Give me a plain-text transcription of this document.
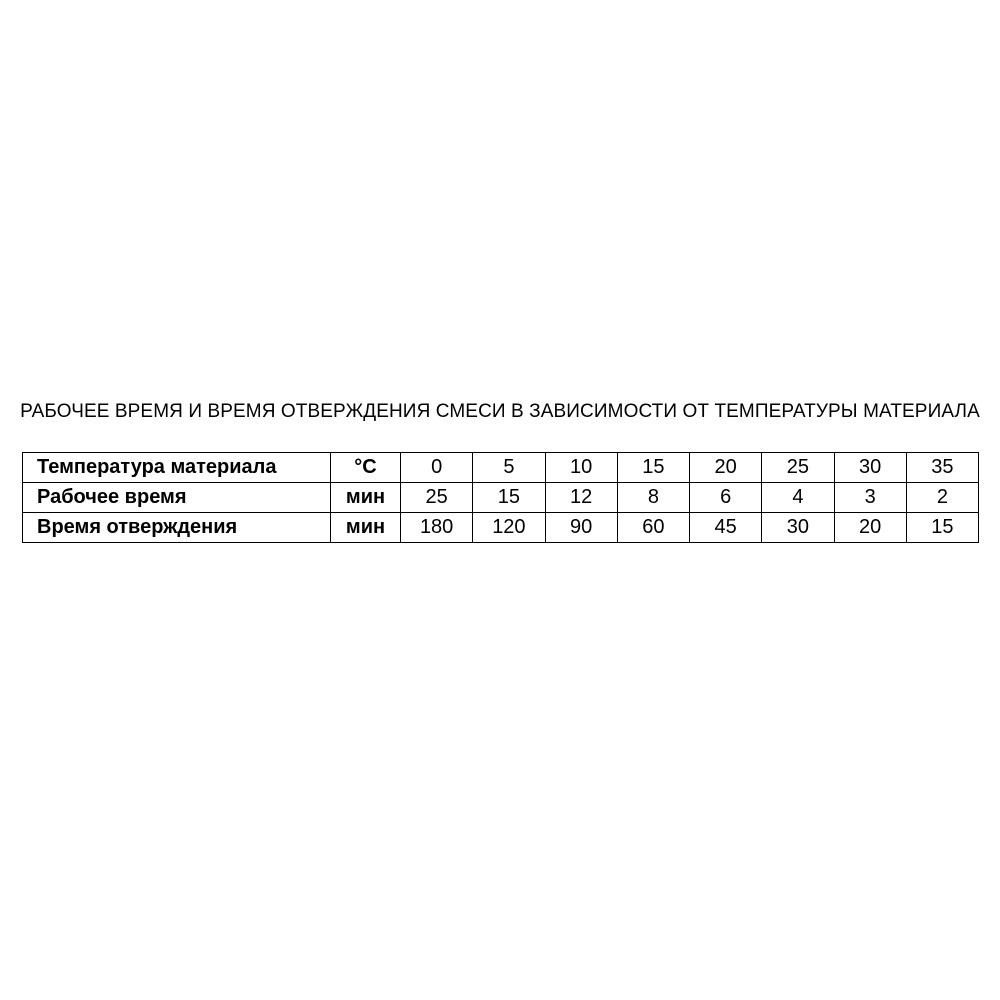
РАБОЧЕЕ ВРЕМЯ И ВРЕМЯ ОТВЕРЖДЕНИЯ СМЕСИ В ЗАВИСИМОСТИ ОТ ТЕМПЕРАТУРЫ МАТЕРИАЛА
Температура материала	°C	0	5	10	15	20	25	30	35
Рабочее время	мин	25	15	12	8	6	4	3	2
Время отверждения	мин	180	120	90	60	45	30	20	15
